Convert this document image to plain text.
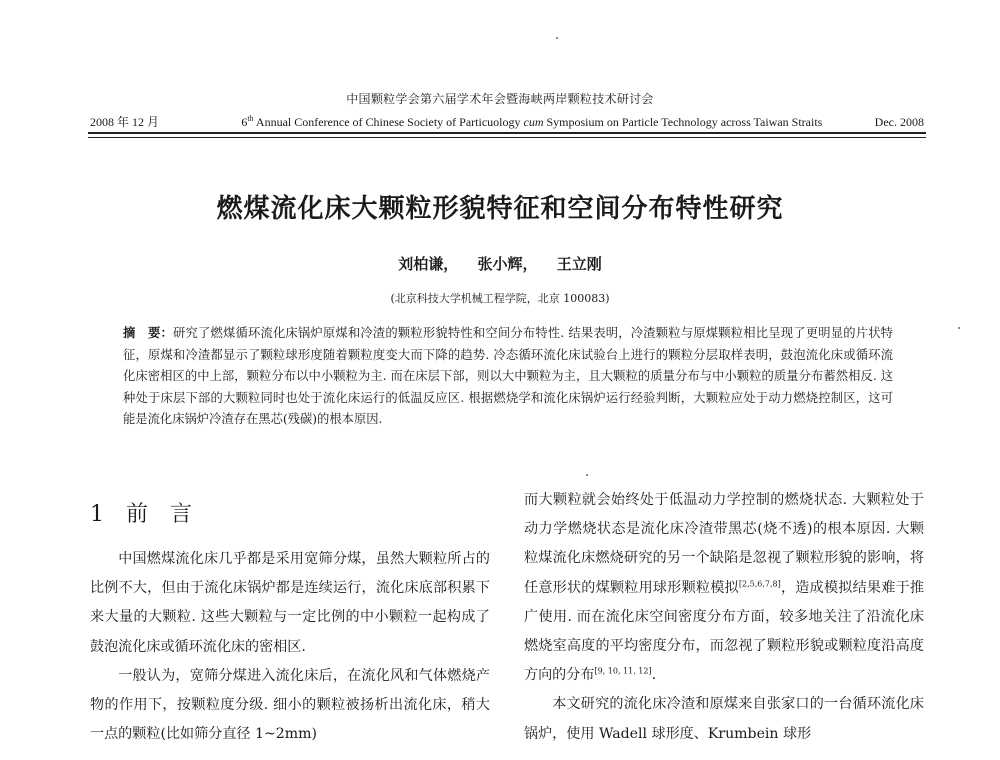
中国颗粒学会第六届学术年会暨海峡两岸颗粒技术研讨会
2008 年 12 月	6th Annual Conference of Chinese Society of Particuology cum Symposium on Particle Technology across Taiwan Straits	Dec. 2008
燃煤流化床大颗粒形貌特征和空间分布特性研究
刘柏谦， 张小辉， 王立刚
(北京科技大学机械工程学院，北京 100083)
摘　要：研究了燃煤循环流化床锅炉原煤和冷渣的颗粒形貌特性和空间分布特性. 结果表明，冷渣颗粒与原煤颗粒相比呈现了更明显的片状特征，原煤和冷渣都显示了颗粒球形度随着颗粒度变大而下降的趋势. 冷态循环流化床试验台上进行的颗粒分层取样表明，鼓泡流化床或循环流化床密相区的中上部，颗粒分布以中小颗粒为主. 而在床层下部，则以大中颗粒为主，且大颗粒的质量分布与中小颗粒的质量分布蓄然相反. 这种处于床层下部的大颗粒同时也处于流化床运行的低温反应区. 根据燃烧学和流化床锅炉运行经验判断，大颗粒应处于动力燃烧控制区，这可能是流化床锅炉冷渣存在黑芯(残碳)的根本原因.
1　前　言

中国燃煤流化床几乎都是采用宽筛分煤，虽然大颗粒所占的比例不大，但由于流化床锅炉都是连续运行，流化床底部积累下来大量的大颗粒. 这些大颗粒与一定比例的中小颗粒一起构成了鼓泡流化床或循环流化床的密相区.

一般认为，宽筛分煤进入流化床后，在流化风和气体燃烧产物的作用下，按颗粒度分级. 细小的颗粒被扬析出流化床，稍大一点的颗粒(比如筛分直径 1~2mm)

而大颗粒就会始终处于低温动力学控制的燃烧状态. 大颗粒处于动力学燃烧状态是流化床冷渣带黑芯(烧不透)的根本原因. 大颗粒煤流化床燃烧研究的另一个缺陷是忽视了颗粒形貌的影响，将任意形状的煤颗粒用球形颗粒模拟[2,5,6,7,8]，造成模拟结果难于推广使用. 而在流化床空间密度分布方面，较多地关注了沿流化床燃烧室高度的平均密度分布，而忽视了颗粒形貌或颗粒度沿高度方向的分布[9, 10, 11, 12].

本文研究的流化床冷渣和原煤来自张家口的一台循环流化床锅炉，使用 Wadell 球形度、Krumbein 球形
